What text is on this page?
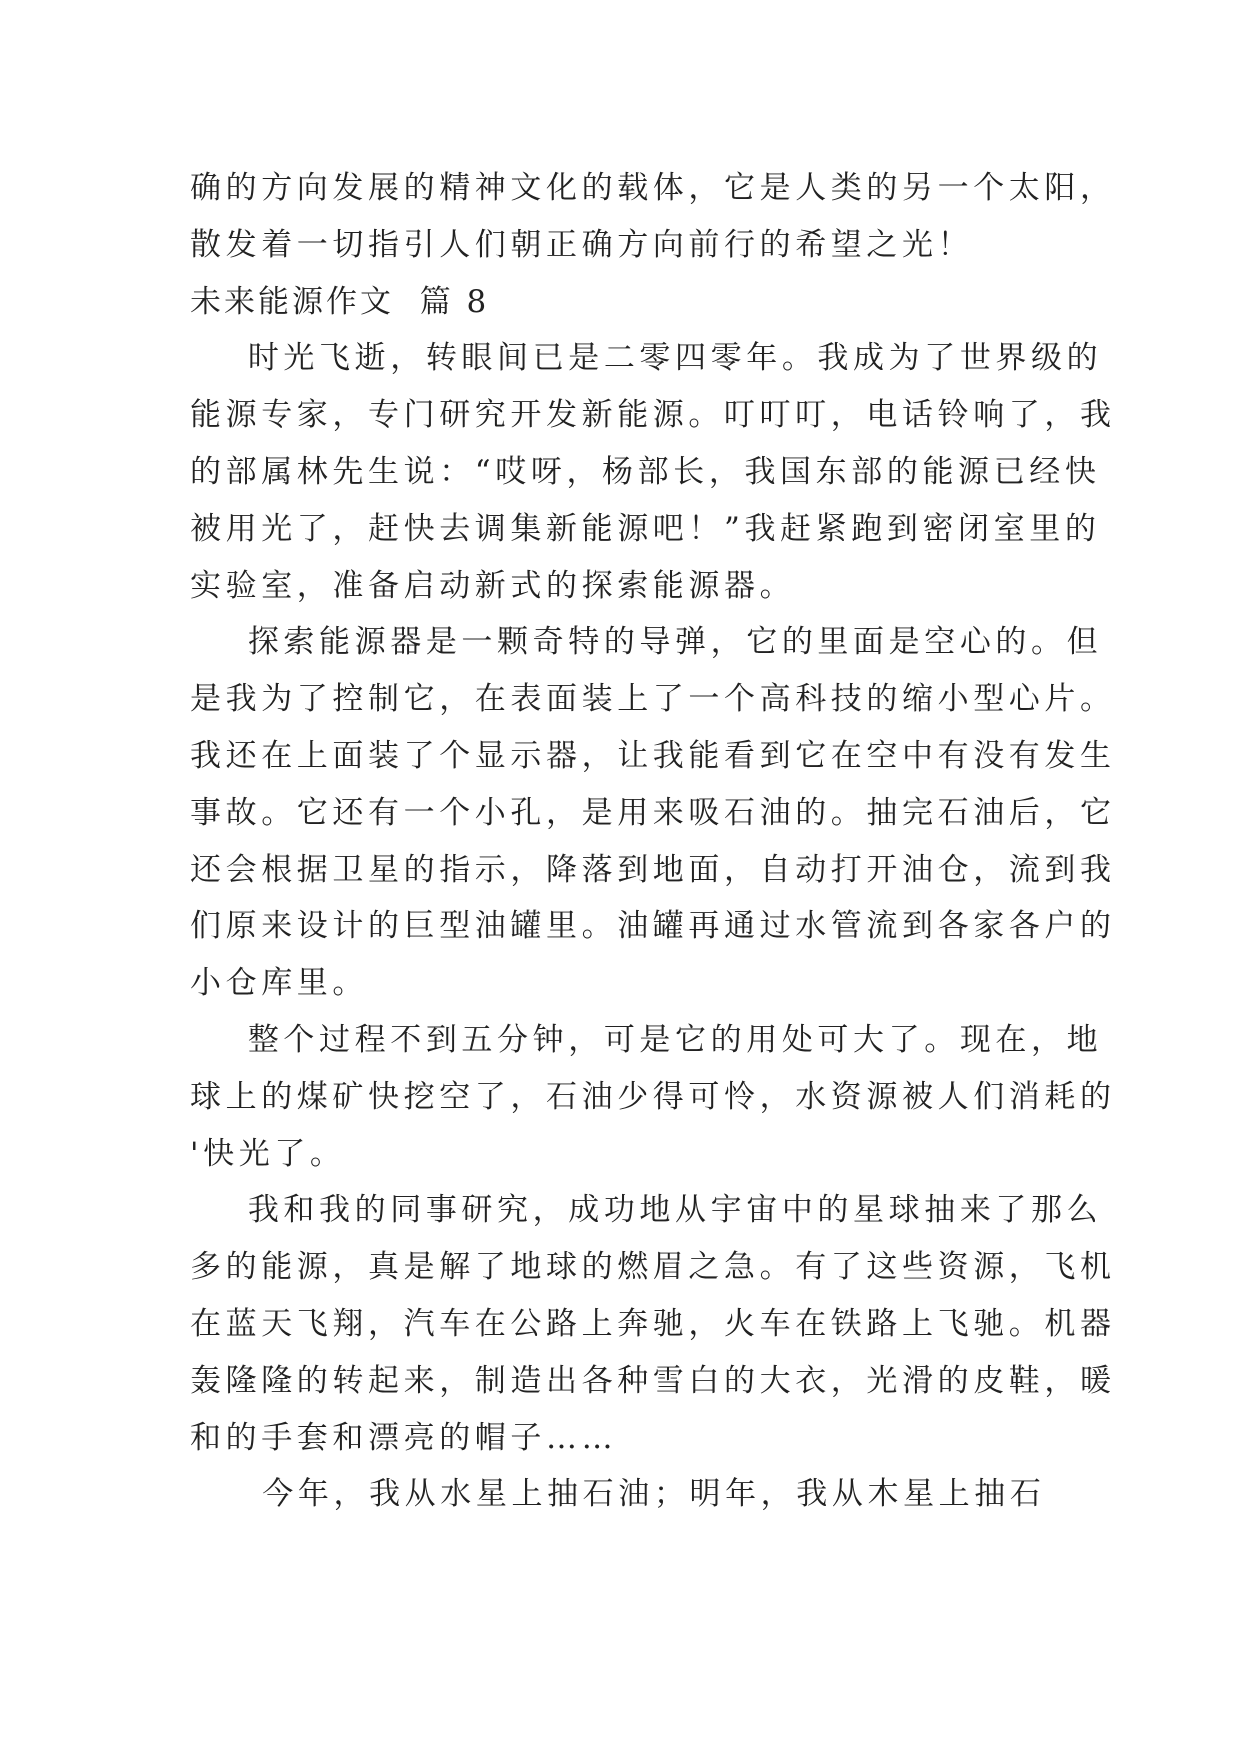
确的方向发展的精神文化的载体，它是人类的另一个太阳，
散发着一切指引人们朝正确方向前行的希望之光！
未来能源作文  篇 8
时光飞逝，转眼间已是二零四零年。我成为了世界级的
能源专家，专门研究开发新能源。叮叮叮，电话铃响了，我
的部属林先生说：“哎呀，杨部长，我国东部的能源已经快
被用光了，赶快去调集新能源吧！”我赶紧跑到密闭室里的
实验室，准备启动新式的探索能源器。
探索能源器是一颗奇特的导弹，它的里面是空心的。但
是我为了控制它，在表面装上了一个高科技的缩小型心片。
我还在上面装了个显示器，让我能看到它在空中有没有发生
事故。它还有一个小孔，是用来吸石油的。抽完石油后，它
还会根据卫星的指示，降落到地面，自动打开油仓，流到我
们原来设计的巨型油罐里。油罐再通过水管流到各家各户的
小仓库里。
整个过程不到五分钟，可是它的用处可大了。现在，地
球上的煤矿快挖空了，石油少得可怜，水资源被人们消耗的
'快光了。
我和我的同事研究，成功地从宇宙中的星球抽来了那么
多的能源，真是解了地球的燃眉之急。有了这些资源，飞机
在蓝天飞翔，汽车在公路上奔驰，火车在铁路上飞驰。机器
轰隆隆的转起来，制造出各种雪白的大衣，光滑的皮鞋，暖
和的手套和漂亮的帽子……
今年，我从水星上抽石油；明年，我从木星上抽石
